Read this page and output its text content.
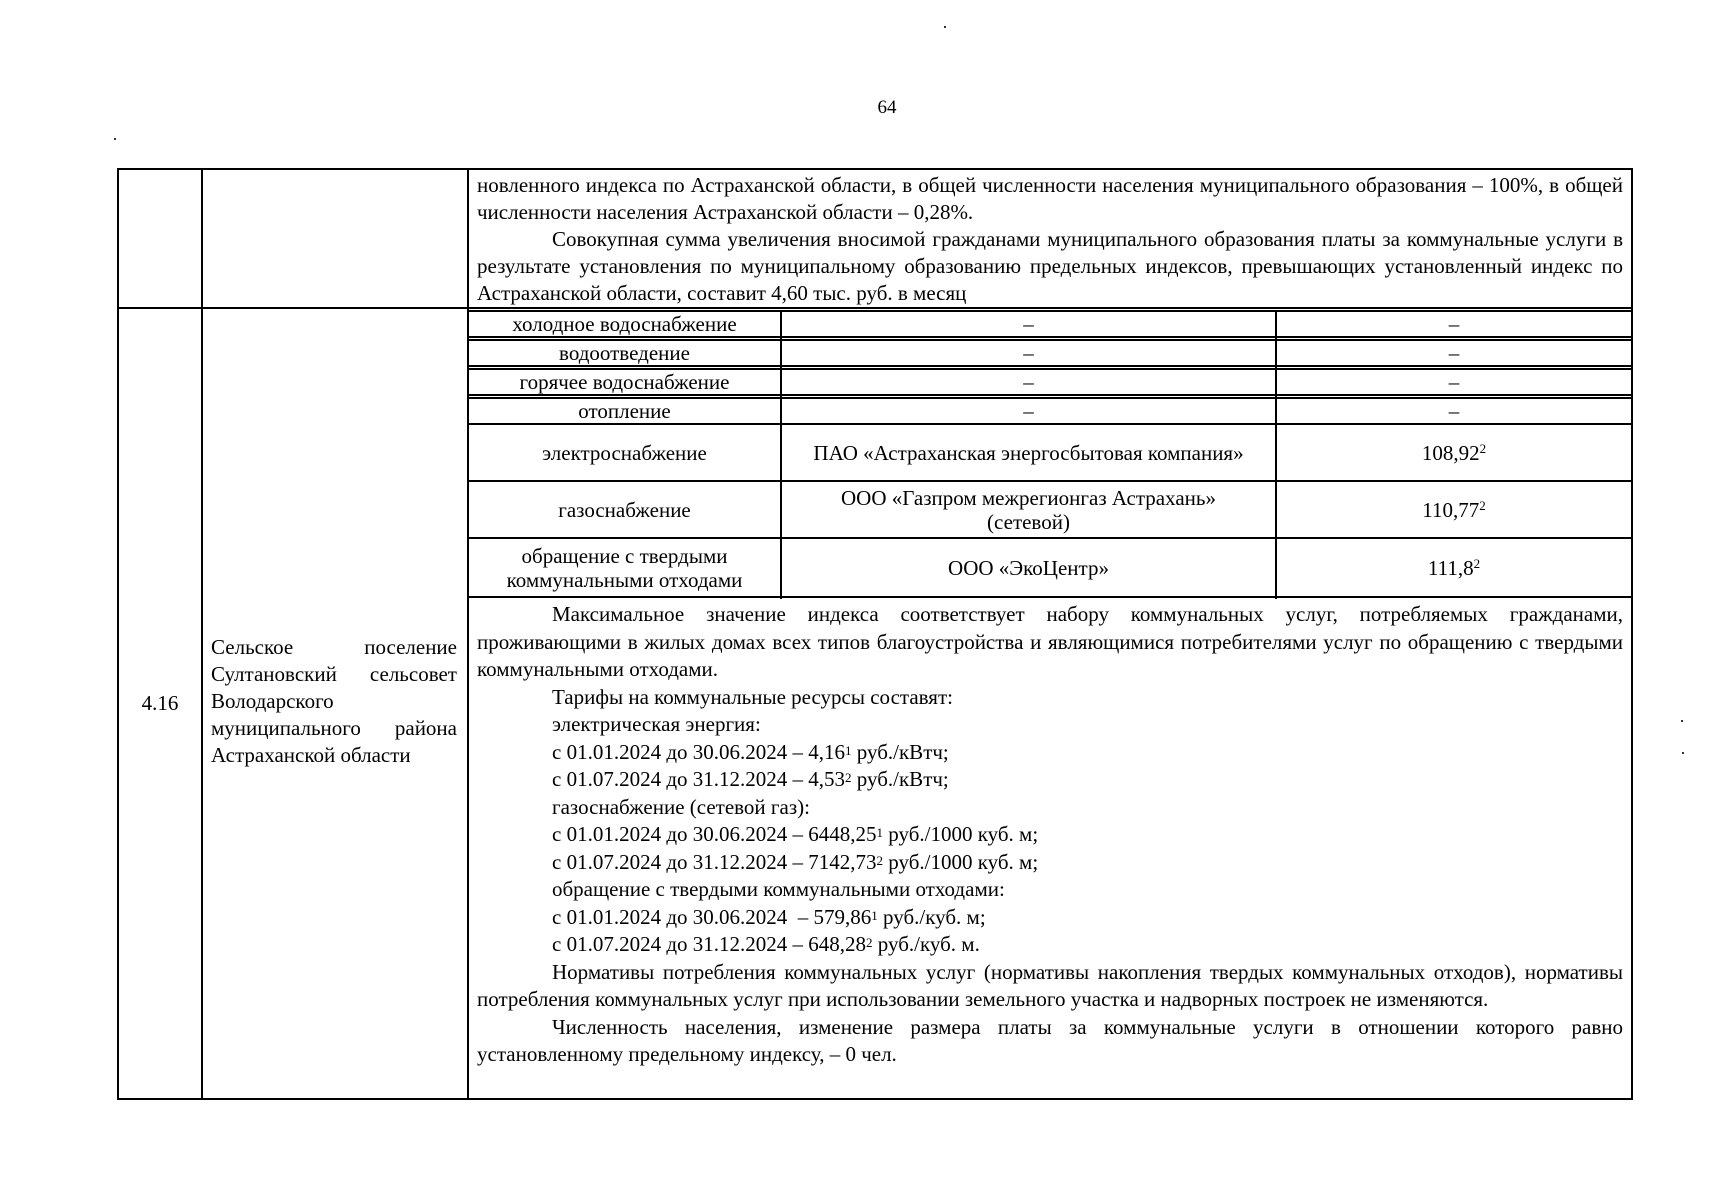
64
новленного индекса по Астраханской области, в общей численности населения муниципального образования – 100%, в общей численности населения Астраханской области – 0,28%.
Совокупная сумма увеличения вносимой гражданами муниципального образования платы за коммунальные услуги в результате установления по муниципальному образованию предельных индексов, превышающих установленный индекс по Астраханской области, составит 4,60 тыс. руб. в месяц
4.16
Сельское поселение Султановский сельсовет Володарского муниципального района Астраханской области
холодное водоснабжение	–	–
водоотведение	–	–
горячее водоснабжение	–	–
отопление	–	–
электроснабжение	ПАО «Астраханская энергосбытовая компания»	108,92$^2$
газоснабжение	ООО «Газпром межрегионгаз Астрахань» (сетевой)	110,77$^2$
обращение с твердыми коммунальными отходами	ООО «ЭкоЦентр»	111,8$^2$
Максимальное значение индекса соответствует набору коммунальных услуг, потребляемых гражданами, проживающими в жилых домах всех типов благоустройства и являющимися потребителями услуг по обращению с твердыми коммунальными отходами.

Тарифы на коммунальные ресурсы составят:

электрическая энергия:

с 01.01.2024 до 30.06.2024 – 4,16$^1$ руб./кВтч;

с 01.07.2024 до 31.12.2024 – 4,53$^2$ руб./кВтч;

газоснабжение (сетевой газ):

с 01.01.2024 до 30.06.2024 – 6448,25$^1$ руб./1000 куб. м;

с 01.07.2024 до 31.12.2024 – 7142,73$^2$ руб./1000 куб. м;

обращение с твердыми коммунальными отходами:

с 01.01.2024 до 30.06.2024  – 579,86$^1$ руб./куб. м;

с 01.07.2024 до 31.12.2024 – 648,28$^2$ руб./куб. м.

Нормативы потребления коммунальных услуг (нормативы накопления твердых коммунальных отходов), нормативы потребления коммунальных услуг при использовании земельного участка и надворных построек не изменяются.
Численность населения, изменение размера платы за коммунальные услуги в отношении которого равно установленному предельному индексу, – 0 чел.
